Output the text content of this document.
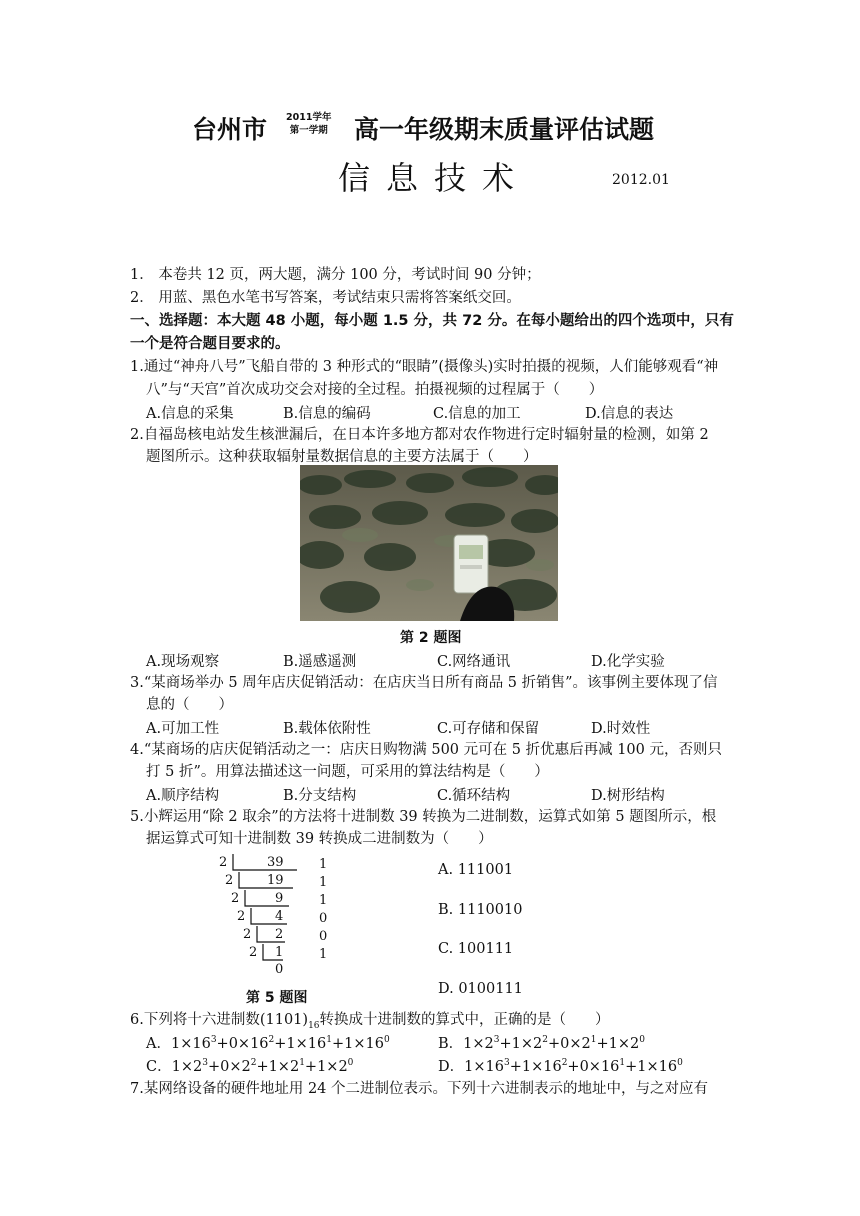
台州市 2011学年
第一学期 高一年级期末质量评估试题
信息技术	2012.01
1． 本卷共 12 页，两大题，满分 100 分，考试时间 90 分钟；
2． 用蓝、黑色水笔书写答案，考试结束只需将答案纸交回。
一、选择题：本大题 48 小题，每小题 1.5 分，共 72 分。在每小题给出的四个选项中，只有
一个是符合题目要求的。
1.通过“神舟八号”飞船自带的 3 种形式的“眼睛”(摄像头)实时拍摄的视频，人们能够观看“神
八”与“天宫”首次成功交会对接的全过程。拍摄视频的过程属于（　　）
A.信息的采集	B.信息的编码	C.信息的加工	D.信息的表达
2.自福岛核电站发生核泄漏后，在日本许多地方都对农作物进行定时辐射量的检测，如第 2
题图所示。这种获取辐射量数据信息的主要方法属于（　　）
第 2 题图
A.现场观察	B.遥感遥测	C.网络通讯	D.化学实验
3.“某商场举办 5 周年店庆促销活动：在店庆当日所有商品 5 折销售”。该事例主要体现了信
息的（　　）
A.可加工性	B.载体依附性	C.可存储和保留	D.时效性
4.“某商场的店庆促销活动之一：店庆日购物满 500 元可在 5 折优惠后再减 100 元，否则只
打 5 折”。用算法描述这一问题，可采用的算法结构是（　　）
A.顺序结构	B.分支结构	C.循环结构	D.树形结构
5.小辉运用“除 2 取余”的方法将十进制数 39 转换为二进制数，运算式如第 5 题图所示，根
据运算式可知十进制数 39 转换成二进制数为（　　）
2
2
2
2
2
2
39
19
9
4
2
1
0
1
1
1
0
0
1
第 5 题图
A. 111001
B. 1110010
C. 100111
D. 0100111
6.下列将十六进制数$(1101)_{16}$转换成十进制数的算式中，正确的是（　　）
A．$1\times 16^3+0\times 16^2+1\times 16^1+1\times 16^0$	B．$1\times 2^3+1\times 2^2+0\times 2^1+1\times 2^0$
C．$1\times 2^3+0\times 2^2+1\times 2^1+1\times 2^0$	D．$1\times 16^3+1\times 16^2+0\times 16^1+1\times 16^0$
7.某网络设备的硬件地址用 24 个二进制位表示。下列十六进制表示的地址中，与之对应有
